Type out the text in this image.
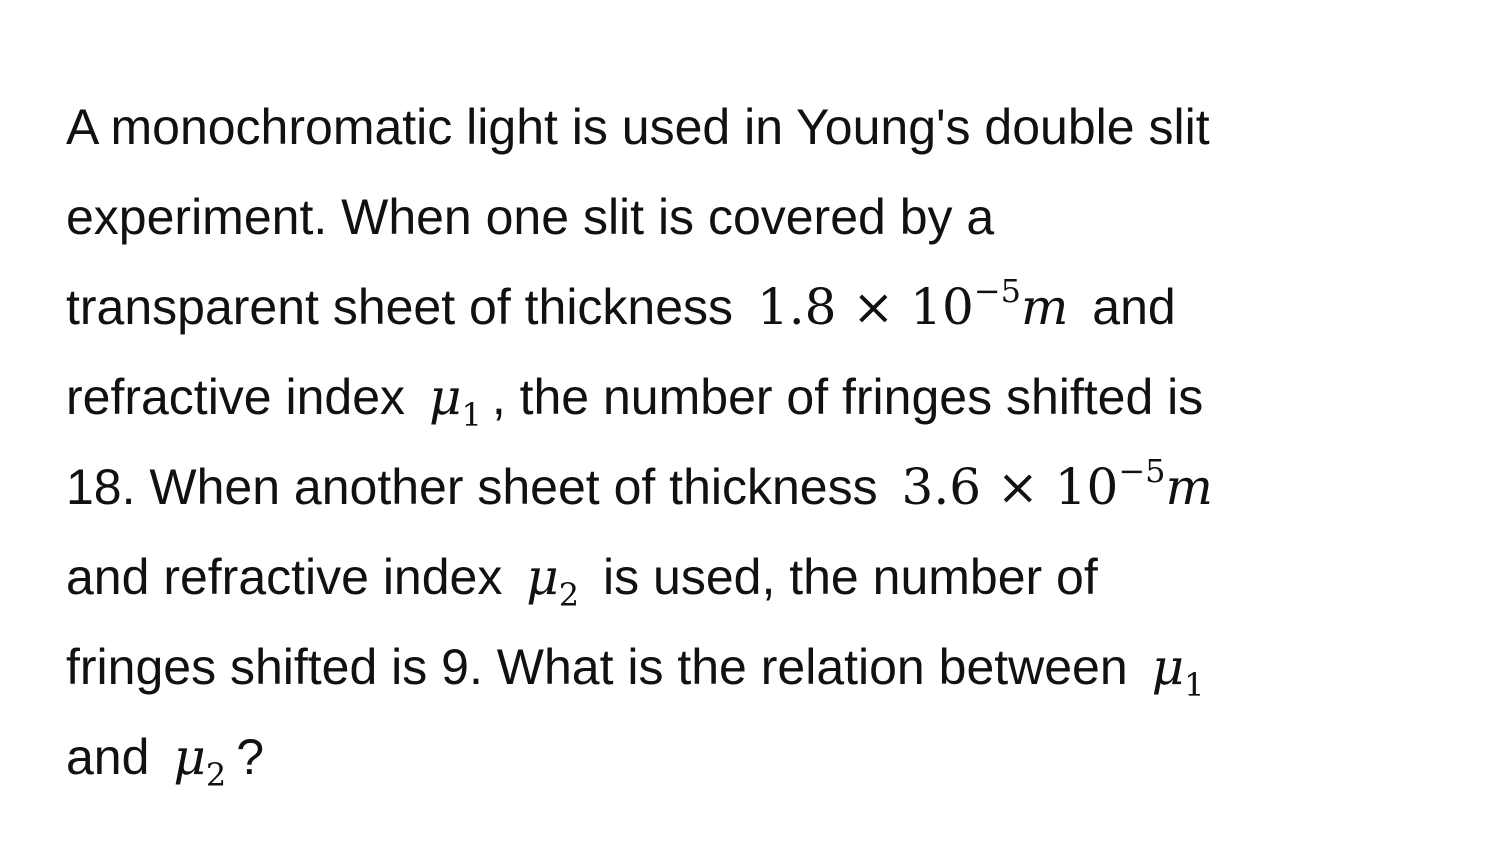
A monochromatic light is used in Young's double slit
experiment. When one slit is covered by a
transparent sheet of thickness $1.8 \times 10^{-5}m$ and
refractive index $\mu_1$ , the number of fringes shifted is
18. When another sheet of thickness $3.6 \times 10^{-5}m$
and refractive index $\mu_2$ is used, the number of
fringes shifted is 9. What is the relation between $\mu_1$
and $\mu_2$ ?
